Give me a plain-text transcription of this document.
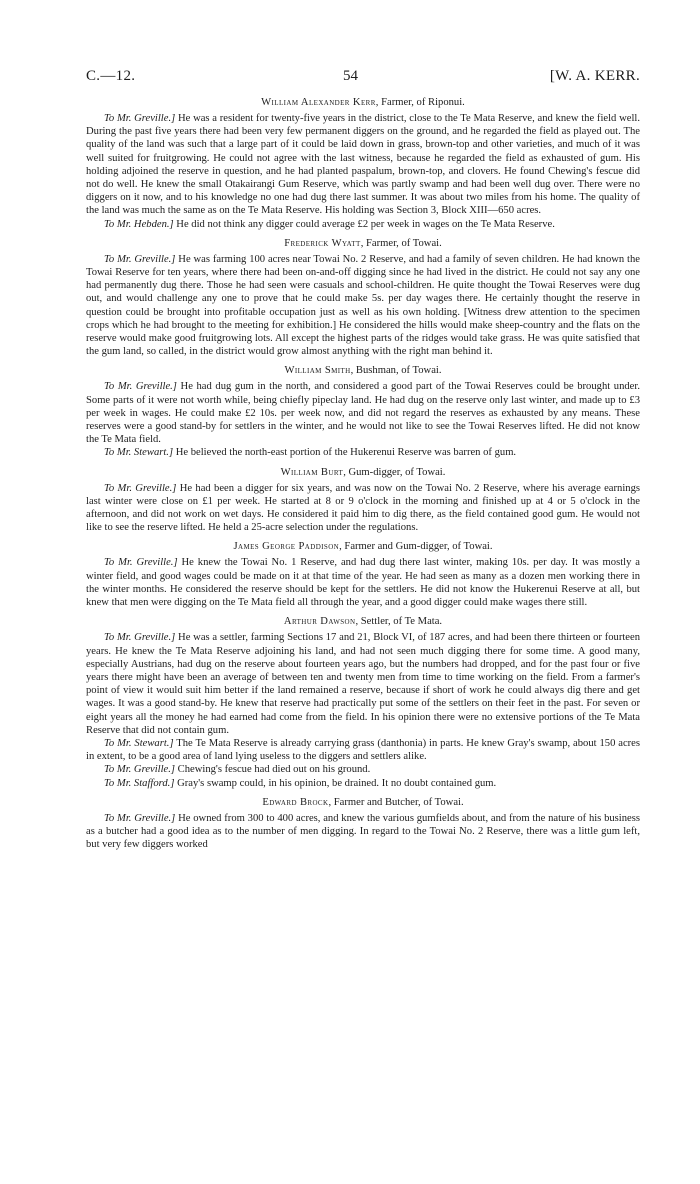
C.—12.	54	[W. A. KERR.
William Alexander Kerr, Farmer, of Riponui.

To Mr. Greville.] He was a resident for twenty-five years in the district, close to the Te Mata Reserve, and knew the field well. During the past five years there had been very few permanent diggers on the ground, and he regarded the field as played out. The quality of the land was such that a large part of it could be laid down in grass, brown-top and other varieties, and much of it was well suited for fruitgrowing. He could not agree with the last witness, because he regarded the field as exhausted of gum. His holding adjoined the reserve in question, and he had planted paspalum, brown-top, and clovers. He found Chewing's fescue did not do well. He knew the small Otakairangi Gum Reserve, which was partly swamp and had been well dug over. There were no diggers on it now, and to his knowledge no one had dug there last summer. It was about two miles from his home. The quality of the land was much the same as on the Te Mata Reserve. His holding was Section 3, Block XIII—650 acres.

To Mr. Hebden.] He did not think any digger could average £2 per week in wages on the Te Mata Reserve.

Frederick Wyatt, Farmer, of Towai.

To Mr. Greville.] He was farming 100 acres near Towai No. 2 Reserve, and had a family of seven children. He had known the Towai Reserve for ten years, where there had been on-and-off digging since he had lived in the district. He could not say any one had permanently dug there. Those he had seen were casuals and school-children. He quite thought the Towai Reserves were dug out, and would challenge any one to prove that he could make 5s. per day wages there. He certainly thought the reserve in question could be brought into profitable occupation just as well as his own holding. [Witness drew attention to the specimen crops which he had brought to the meeting for exhibition.] He considered the hills would make sheep-country and the flats on the reserve would make good fruitgrowing lots. All except the highest parts of the ridges would take grass. He was quite satisfied that the gum land, so called, in the district would grow almost anything with the right man behind it.

William Smith, Bushman, of Towai.

To Mr. Greville.] He had dug gum in the north, and considered a good part of the Towai Reserves could be brought under. Some parts of it were not worth while, being chiefly pipeclay land. He had dug on the reserve only last winter, and made up to £3 per week in wages. He could make £2 10s. per week now, and did not regard the reserves as exhausted by any means. These reserves were a good stand-by for settlers in the winter, and he would not like to see the Towai Reserves lifted. He did not know the Te Mata field.

To Mr. Stewart.] He believed the north-east portion of the Hukerenui Reserve was barren of gum.

William Burt, Gum-digger, of Towai.

To Mr. Greville.] He had been a digger for six years, and was now on the Towai No. 2 Reserve, where his average earnings last winter were close on £1 per week. He started at 8 or 9 o'clock in the morning and finished up at 4 or 5 o'clock in the afternoon, and did not work on wet days. He considered it paid him to dig there, as the field contained good gum. He would not like to see the reserve lifted. He held a 25-acre selection under the regulations.

James George Paddison, Farmer and Gum-digger, of Towai.

To Mr. Greville.] He knew the Towai No. 1 Reserve, and had dug there last winter, making 10s. per day. It was mostly a winter field, and good wages could be made on it at that time of the year. He had seen as many as a dozen men working there in the winter months. He considered the reserve should be kept for the settlers. He did not know the Hukerenui Reserve at all, but knew that men were digging on the Te Mata field all through the year, and a good digger could make wages there still.

Arthur Dawson, Settler, of Te Mata.

To Mr. Greville.] He was a settler, farming Sections 17 and 21, Block VI, of 187 acres, and had been there thirteen or fourteen years. He knew the Te Mata Reserve adjoining his land, and had not seen much digging there for some time. A good many, especially Austrians, had dug on the reserve about fourteen years ago, but the numbers had dropped, and for the past four or five years there might have been an average of between ten and twenty men from time to time working on the field. From a farmer's point of view it would suit him better if the land remained a reserve, because if short of work he could always dig there and get wages. It was a good stand-by. He knew that reserve had practically put some of the settlers on their feet in the past. For seven or eight years all the money he had earned had come from the field. In his opinion there were no extensive portions of the Te Mata Reserve that did not contain gum.

To Mr. Stewart.] The Te Mata Reserve is already carrying grass (danthonia) in parts. He knew Gray's swamp, about 150 acres in extent, to be a good area of land lying useless to the diggers and settlers alike.

To Mr. Greville.] Chewing's fescue had died out on his ground.

To Mr. Stafford.] Gray's swamp could, in his opinion, be drained. It no doubt contained gum.

Edward Brock, Farmer and Butcher, of Towai.

To Mr. Greville.] He owned from 300 to 400 acres, and knew the various gumfields about, and from the nature of his business as a butcher had a good idea as to the number of men digging. In regard to the Towai No. 2 Reserve, there was a little gum left, but very few diggers worked
